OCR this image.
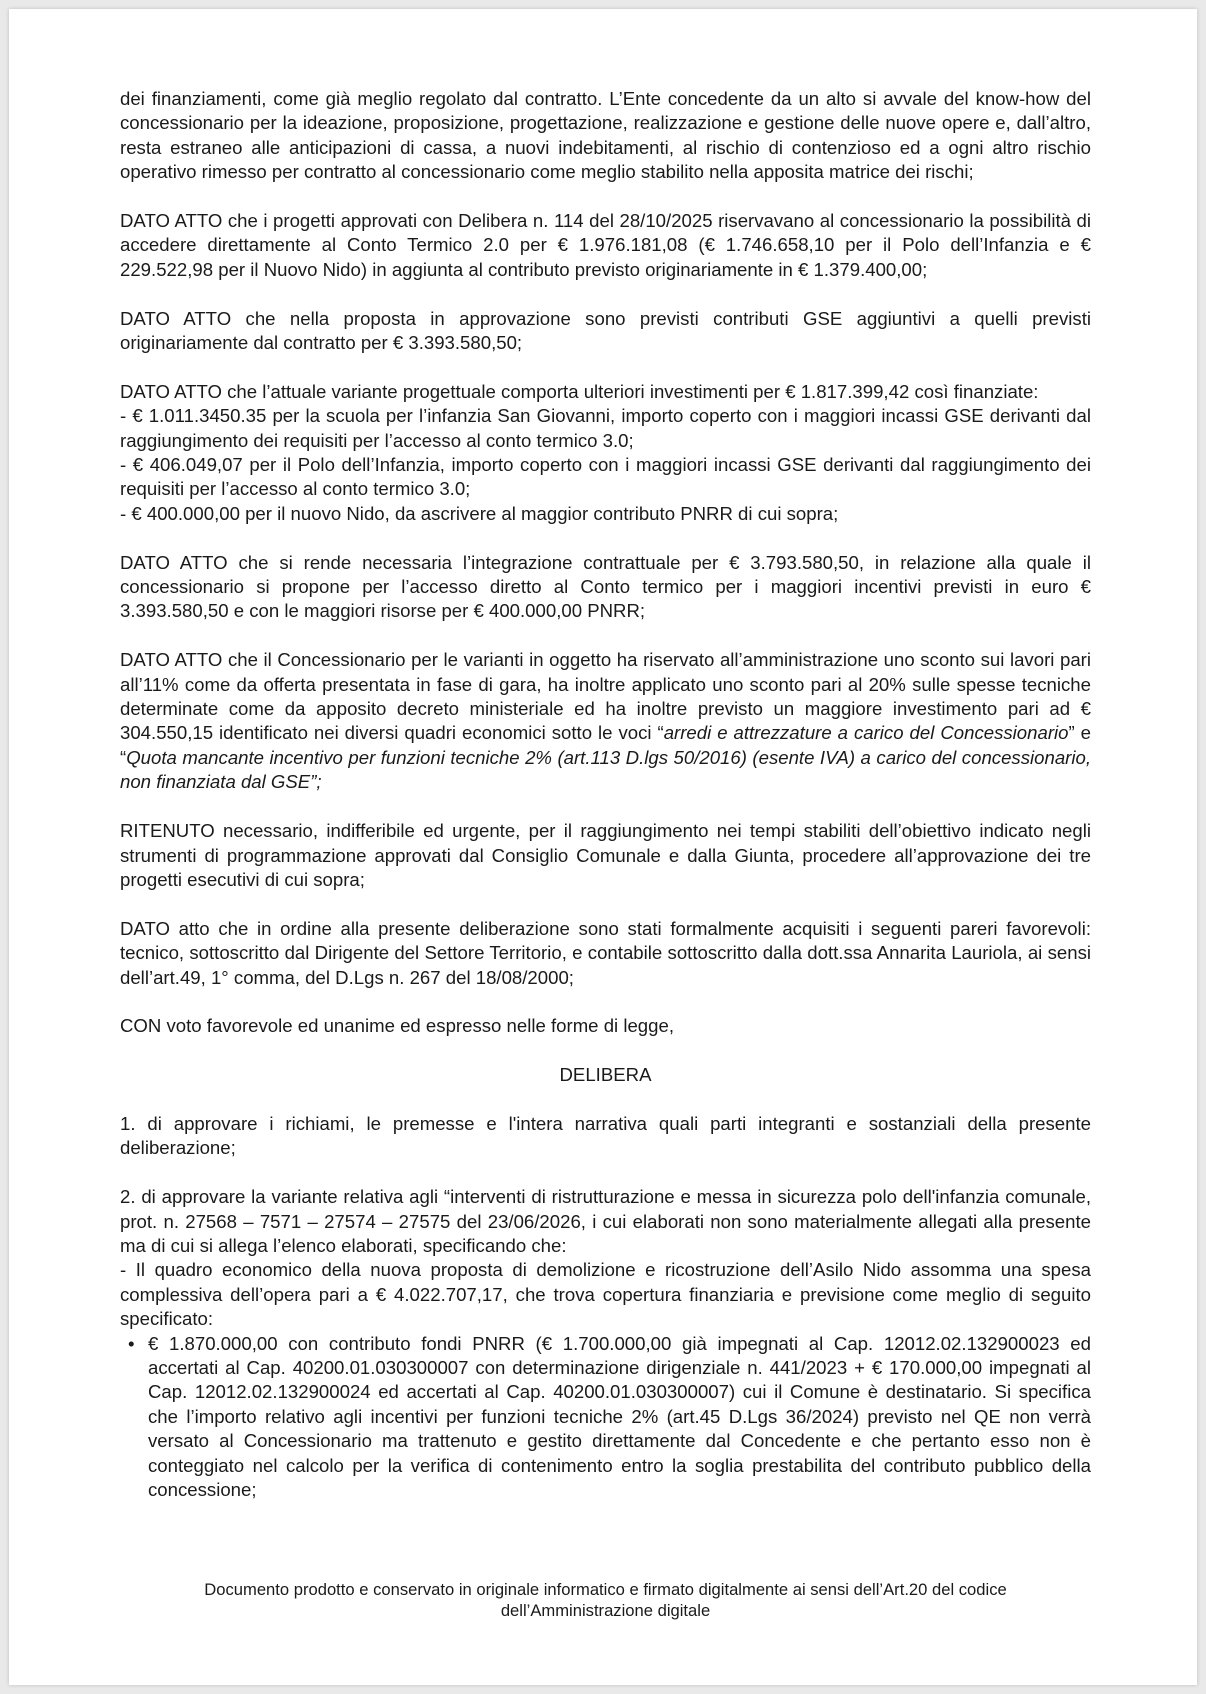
dei finanziamenti, come già meglio regolato dal contratto. L’Ente concedente da un alto si avvale del know-how del concessionario per la ideazione, proposizione, progettazione, realizzazione e gestione delle nuove opere e, dall’altro, resta estraneo alle anticipazioni di cassa, a nuovi indebitamenti, al rischio di contenzioso ed a ogni altro rischio operativo rimesso per contratto al concessionario come meglio stabilito nella apposita matrice dei rischi;

DATO ATTO che i progetti approvati con Delibera n. 114 del 28/10/2025 riservavano al concessionario la possibilità di accedere direttamente al Conto Termico 2.0 per € 1.976.181,08 (€ 1.746.658,10 per il Polo dell’Infanzia e € 229.522,98 per il Nuovo Nido) in aggiunta al contributo previsto originariamente in € 1.379.400,00;

DATO ATTO che nella proposta in approvazione sono previsti contributi GSE aggiuntivi a quelli previsti originariamente dal contratto per € 3.393.580,50;

DATO ATTO che l’attuale variante progettuale comporta ulteriori investimenti per € 1.817.399,42 così finanziate:

- € 1.011.3450.35 per la scuola per l’infanzia San Giovanni, importo coperto con i maggiori incassi GSE derivanti dal raggiungimento dei requisiti per l’accesso al conto termico 3.0;

- € 406.049,07 per il Polo dell’Infanzia, importo coperto con i maggiori incassi GSE derivanti dal raggiungimento dei requisiti per l’accesso al conto termico 3.0;

- € 400.000,00 per il nuovo Nido, da ascrivere al maggior contributo PNRR di cui sopra;

DATO ATTO che si rende necessaria l’integrazione contrattuale per € 3.793.580,50, in relazione alla quale il concessionario si propone per l’accesso diretto al Conto termico per i maggiori incentivi previsti in euro € 3.393.580,50 e con le maggiori risorse per € 400.000,00 PNRR;

DATO ATTO che il Concessionario per le varianti in oggetto ha riservato all’amministrazione uno sconto sui lavori pari all’11% come da offerta presentata in fase di gara, ha inoltre applicato uno sconto pari al 20% sulle spesse tecniche determinate come da apposito decreto ministeriale ed ha inoltre previsto un maggiore investimento pari ad € 304.550,15 identificato nei diversi quadri economici sotto le voci “arredi e attrezzature a carico del Concessionario” e “Quota mancante incentivo per funzioni tecniche 2% (art.113 D.lgs 50/2016) (esente IVA) a carico del concessionario, non finanziata dal GSE”;

RITENUTO necessario, indifferibile ed urgente, per il raggiungimento nei tempi stabiliti dell’obiettivo indicato negli strumenti di programmazione approvati dal Consiglio Comunale e dalla Giunta, procedere all’approvazione dei tre progetti esecutivi di cui sopra;

DATO atto che in ordine alla presente deliberazione sono stati formalmente acquisiti i seguenti pareri favorevoli: tecnico, sottoscritto dal Dirigente del Settore Territorio, e contabile sottoscritto dalla dott.ssa Annarita Lauriola, ai sensi dell’art.49, 1° comma, del D.Lgs n. 267 del 18/08/2000;

CON voto favorevole ed unanime ed espresso nelle forme di legge,

DELIBERA

1. di approvare i richiami, le premesse e l'intera narrativa quali parti integranti e sostanziali della presente deliberazione;

2. di approvare la variante relativa agli “interventi di ristrutturazione e messa in sicurezza polo dell'infanzia comunale, prot. n. 27568 – 7571 – 27574 – 27575 del 23/06/2026, i cui elaborati non sono materialmente allegati alla presente ma di cui si allega l’elenco elaborati, specificando che:

- Il quadro economico della nuova proposta di demolizione e ricostruzione dell’Asilo Nido assomma una spesa complessiva dell’opera pari a € 4.022.707,17, che trova copertura finanziaria e previsione come meglio di seguito specificato:

• € 1.870.000,00 con contributo fondi PNRR (€ 1.700.000,00 già impegnati al Cap. 12012.02.132900023 ed accertati al Cap. 40200.01.030300007 con determinazione dirigenziale n. 441/2023 + € 170.000,00 impegnati al Cap. 12012.02.132900024 ed accertati al Cap. 40200.01.030300007) cui il Comune è destinatario. Si specifica che l’importo relativo agli incentivi per funzioni tecniche 2% (art.45 D.Lgs 36/2024) previsto nel QE non verrà versato al Concessionario ma trattenuto e gestito direttamente dal Concedente e che pertanto esso non è conteggiato nel calcolo per la verifica di contenimento entro la soglia prestabilita del contributo pubblico della concessione;
Documento prodotto e conservato in originale informatico e firmato digitalmente ai sensi dell’Art.20 del codice
dell’Amministrazione digitale
